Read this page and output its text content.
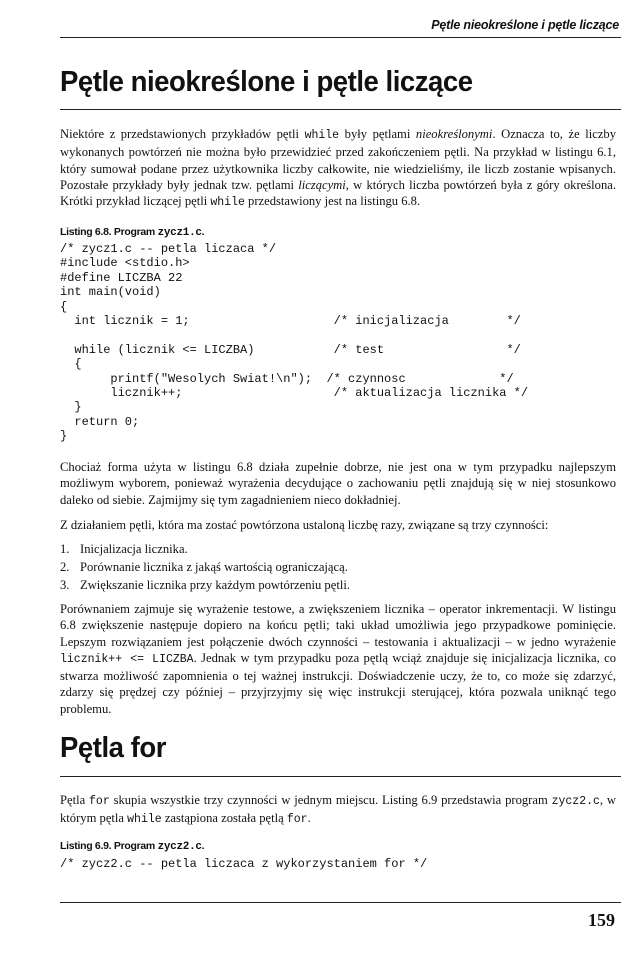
Pętle nieokreślone i pętle liczące
Pętle nieokreślone i pętle liczące

Niektóre z przedstawionych przykładów pętli while były pętlami nieokreślonymi. Oznacza to, że liczby wykonanych powtórzeń nie można było przewidzieć przed zakończeniem pętli. Na przykład w listingu 6.1, który sumował podane przez użytkownika liczby całkowite, nie wiedzieliśmy, ile liczb zostanie wpisanych. Pozostałe przykłady były jednak tzw. pętlami liczącymi, w których liczba powtórzeń była z góry określona. Krótki przykład liczącej pętli while przedstawiony jest na listingu 6.8.

Listing 6.8. Program zycz1.c.
/* zycz1.c -- petla liczaca */
#include <stdio.h>
#define LICZBA 22
int main(void)
{
int licznik = 1;                    /* inicjalizacja        */

while (licznik <= LICZBA)           /* test                 */
{
printf("Wesolych Swiat!\n");  /* czynnosc             */
licznik++;                     /* aktualizacja licznika */
}
return 0;
}

Chociaż forma użyta w listingu 6.8 działa zupełnie dobrze, nie jest ona w tym przypadku najlepszym możliwym wyborem, ponieważ wyrażenia decydujące o zachowaniu pętli znajdują się w niej stosunkowo daleko od siebie. Zajmijmy się tym zagadnieniem nieco dokładniej.

Z działaniem pętli, która ma zostać powtórzona ustaloną liczbę razy, związane są trzy czynności:

1. Inicjalizacja licznika.
2. Porównanie licznika z jakąś wartością ograniczającą.
3. Zwiększanie licznika przy każdym powtórzeniu pętli.

Porównaniem zajmuje się wyrażenie testowe, a zwiększeniem licznika – operator inkrementacji. W listingu 6.8 zwiększenie następuje dopiero na końcu pętli; taki układ umożliwia jego przypadkowe pominięcie. Lepszym rozwiązaniem jest połączenie dwóch czynności – testowania i aktualizacji – w jedno wyrażenie licznik++ <= LICZBA. Jednak w tym przypadku poza pętlą wciąż znajduje się inicjalizacja licznika, co stwarza możliwość zapomnienia o tej ważnej instrukcji. Doświadczenie uczy, że to, co może się zdarzyć, zdarzy się prędzej czy później – przyjrzyjmy się więc instrukcji sterującej, która pozwala uniknąć tego problemu.

Pętla for

Pętla for skupia wszystkie trzy czynności w jednym miejscu. Listing 6.9 przedstawia program zycz2.c, w którym pętla while zastąpiona została pętlą for.

Listing 6.9. Program zycz2.c.
/* zycz2.c -- petla liczaca z wykorzystaniem for */
159
